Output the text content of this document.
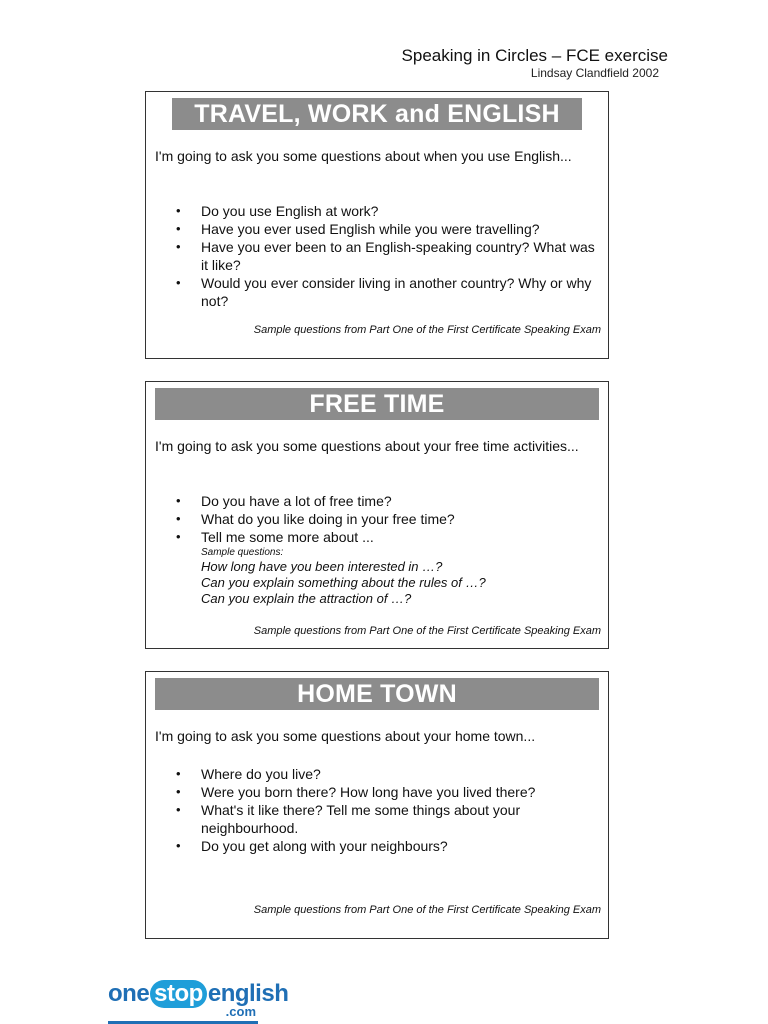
Speaking in Circles – FCE exercise
Lindsay Clandfield 2002
TRAVEL, WORK and ENGLISH
I'm going to ask you some questions about when you use English...
• Do you use English at work?
• Have you ever used English while you were travelling?
• Have you ever been to an English-speaking country? What was it like?
• Would you ever consider living in another country? Why or why not?
Sample questions from Part One of the First Certificate Speaking Exam
FREE TIME
I'm going to ask you some questions about your free time activities...
• Do you have a lot of free time?
• What do you like doing in your free time?
• Tell me some more about ...
Sample questions:
How long have you been interested in …?
Can you explain something about the rules of …?
Can you explain the attraction of …?
Sample questions from Part One of the First Certificate Speaking Exam
HOME TOWN
I'm going to ask you some questions about your home town...
• Where do you live?
• Were you born there? How long have you lived there?
• What's it like there? Tell me some things about your neighbourhood.
• Do you get along with your neighbours?
Sample questions from Part One of the First Certificate Speaking Exam
one stop english
.com
